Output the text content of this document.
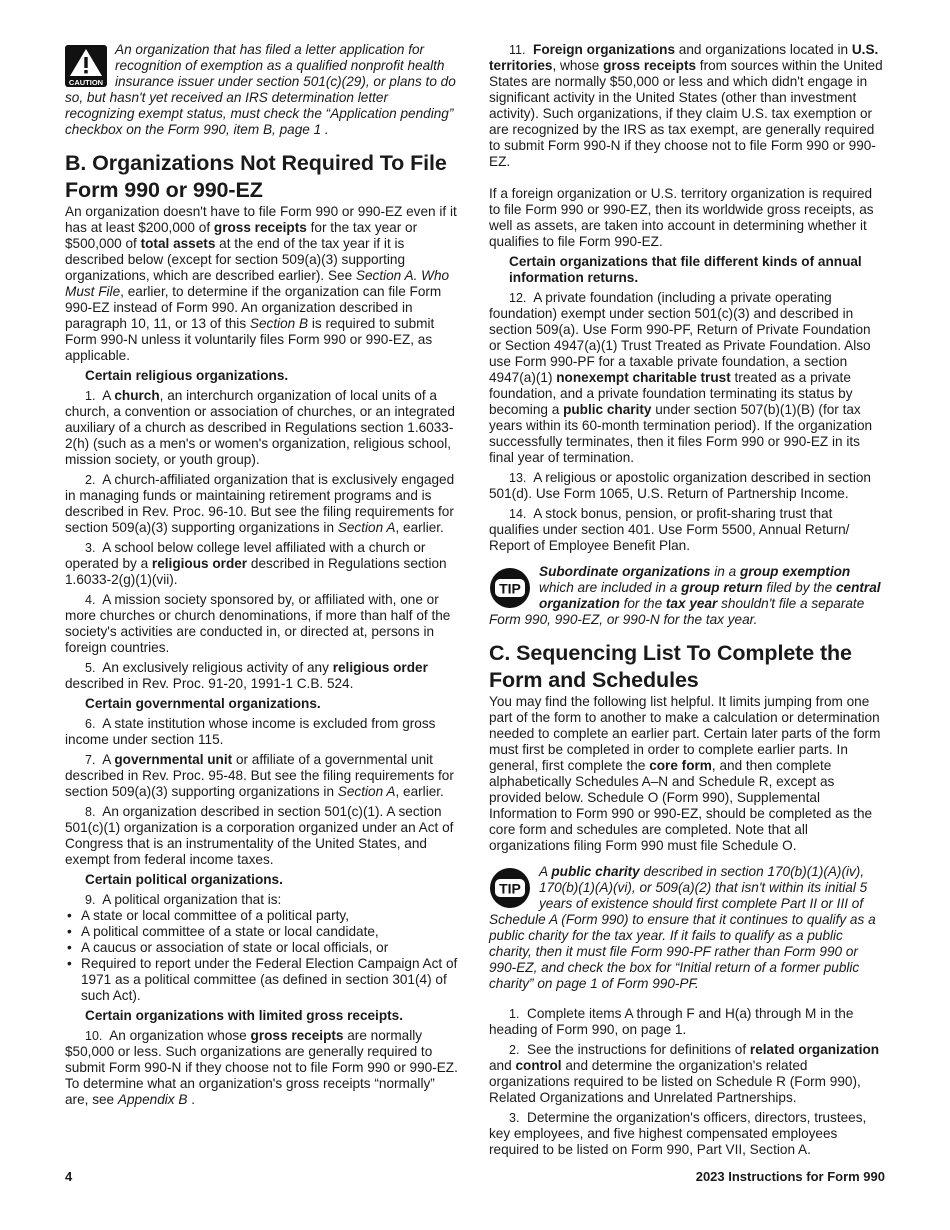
CAUTION
An organization that has filed a letter application for recognition of exemption as a qualified nonprofit health insurance issuer under section 501(c)(29), or plans to do so, but hasn't yet received an IRS determination letter recognizing exempt status, must check the “Application pending” checkbox on the Form 990, item B, page 1 .
B. Organizations Not Required To File Form 990 or 990-EZ

An organization doesn't have to file Form 990 or 990-EZ even if it has at least $200,000 of gross receipts for the tax year or $500,000 of total assets at the end of the tax year if it is described below (except for section 509(a)(3) supporting organizations, which are described earlier). See Section A. Who Must File, earlier, to determine if the organization can file Form 990-EZ instead of Form 990. An organization described in paragraph 10, 11, or 13 of this Section B is required to submit Form 990-N unless it voluntarily files Form 990 or 990-EZ, as applicable.

Certain religious organizations.

1. A church, an interchurch organization of local units of a church, a convention or association of churches, or an integrated auxiliary of a church as described in Regulations section 1.6033-2(h) (such as a men's or women's organization, religious school, mission society, or youth group).

2. A church-affiliated organization that is exclusively engaged in managing funds or maintaining retirement programs and is described in Rev. Proc. 96-10. But see the filing requirements for section 509(a)(3) supporting organizations in Section A, earlier.

3. A school below college level affiliated with a church or operated by a religious order described in Regulations section 1.6033-2(g)(1)(vii).

4. A mission society sponsored by, or affiliated with, one or more churches or church denominations, if more than half of the society's activities are conducted in, or directed at, persons in foreign countries.

5. An exclusively religious activity of any religious order described in Rev. Proc. 91-20, 1991-1 C.B. 524.

Certain governmental organizations.

6. A state institution whose income is excluded from gross income under section 115.

7. A governmental unit or affiliate of a governmental unit described in Rev. Proc. 95-48. But see the filing requirements for section 509(a)(3) supporting organizations in Section A, earlier.

8. An organization described in section 501(c)(1). A section 501(c)(1) organization is a corporation organized under an Act of Congress that is an instrumentality of the United States, and exempt from federal income taxes.

Certain political organizations.

9. A political organization that is:

• A state or local committee of a political party,
• A political committee of a state or local candidate,
• A caucus or association of state or local officials, or
• Required to report under the Federal Election Campaign Act of 1971 as a political committee (as defined in section 301(4) of such Act).
Certain organizations with limited gross receipts.

10. An organization whose gross receipts are normally $50,000 or less. Such organizations are generally required to submit Form 990-N if they choose not to file Form 990 or 990-EZ. To determine what an organization's gross receipts “normally” are, see Appendix B .

11. Foreign organizations and organizations located in U.S. territories, whose gross receipts from sources within the United States are normally $50,000 or less and which didn't engage in significant activity in the United States (other than investment activity). Such organizations, if they claim U.S. tax exemption or are recognized by the IRS as tax exempt, are generally required to submit Form 990-N if they choose not to file Form 990 or 990-EZ.

If a foreign organization or U.S. territory organization is required to file Form 990 or 990-EZ, then its worldwide gross receipts, as well as assets, are taken into account in determining whether it qualifies to file Form 990-EZ.

Certain organizations that file different kinds of annual information returns.

12. A private foundation (including a private operating foundation) exempt under section 501(c)(3) and described in section 509(a). Use Form 990-PF, Return of Private Foundation or Section 4947(a)(1) Trust Treated as Private Foundation. Also use Form 990-PF for a taxable private foundation, a section 4947(a)(1) nonexempt charitable trust treated as a private foundation, and a private foundation terminating its status by becoming a public charity under section 507(b)(1)(B) (for tax years within its 60-month termination period). If the organization successfully terminates, then it files Form 990 or 990-EZ in its final year of termination.

13. A religious or apostolic organization described in section 501(d). Use Form 1065, U.S. Return of Partnership Income.

14. A stock bonus, pension, or profit-sharing trust that qualifies under section 401. Use Form 5500, Annual Return/ Report of Employee Benefit Plan.

TIP
Subordinate organizations in a group exemption which are included in a group return filed by the central organization for the tax year shouldn't file a separate Form 990, 990-EZ, or 990-N for the tax year.
C. Sequencing List To Complete the Form and Schedules

You may find the following list helpful. It limits jumping from one part of the form to another to make a calculation or determination needed to complete an earlier part. Certain later parts of the form must first be completed in order to complete earlier parts. In general, first complete the core form, and then complete alphabetically Schedules A–N and Schedule R, except as provided below. Schedule O (Form 990), Supplemental Information to Form 990 or 990-EZ, should be completed as the core form and schedules are completed. Note that all organizations filing Form 990 must file Schedule O.

TIP
A public charity described in section 170(b)(1)(A)(iv), 170(b)(1)(A)(vi), or 509(a)(2) that isn't within its initial 5 years of existence should first complete Part II or III of Schedule A (Form 990) to ensure that it continues to qualify as a public charity for the tax year. If it fails to qualify as a public charity, then it must file Form 990-PF rather than Form 990 or 990-EZ, and check the box for “Initial return of a former public charity” on page 1 of Form 990-PF.

1. Complete items A through F and H(a) through M in the heading of Form 990, on page 1.

2. See the instructions for definitions of related organization and control and determine the organization's related organizations required to be listed on Schedule R (Form 990), Related Organizations and Unrelated Partnerships.

3. Determine the organization's officers, directors, trustees, key employees, and five highest compensated employees required to be listed on Form 990, Part VII, Section A.

4	2023 Instructions for Form 990
